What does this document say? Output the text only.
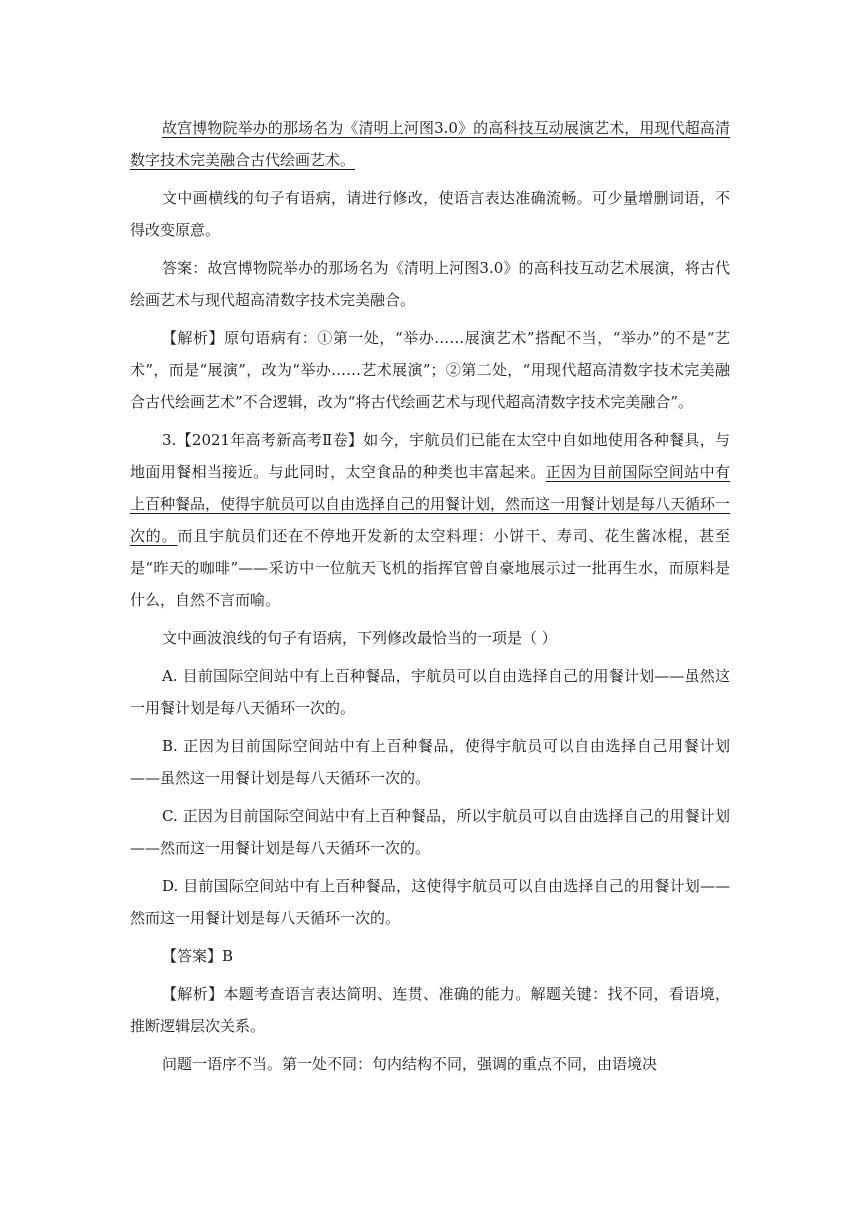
故宫博物院举办的那场名为《清明上河图3.0》的高科技互动展演艺术，用现代超高清数字技术完美融合古代绘画艺术。

文中画横线的句子有语病，请进行修改，使语言表达准确流畅。可少量增删词语，不得改变原意。

答案：故宫博物院举办的那场名为《清明上河图3.0》的高科技互动艺术展演，将古代绘画艺术与现代超高清数字技术完美融合。

【解析】原句语病有：①第一处，“举办……展演艺术”搭配不当，“举办”的不是“艺术”，而是“展演”，改为“举办……艺术展演”；②第二处，“用现代超高清数字技术完美融合古代绘画艺术”不合逻辑，改为“将古代绘画艺术与现代超高清数字技术完美融合”。

3.【2021年高考新高考Ⅱ卷】如今，宇航员们已能在太空中自如地使用各种餐具，与地面用餐相当接近。与此同时，太空食品的种类也丰富起来。正因为目前国际空间站中有上百种餐品，使得宇航员可以自由选择自己的用餐计划，然而这一用餐计划是每八天循环一次的。而且宇航员们还在不停地开发新的太空料理：小饼干、寿司、花生酱冰棍，甚至是“昨天的咖啡”——采访中一位航天飞机的指挥官曾自豪地展示过一批再生水，而原料是什么，自然不言而喻。

文中画波浪线的句子有语病，下列修改最恰当的一项是（ ）

A. 目前国际空间站中有上百种餐品，宇航员可以自由选择自己的用餐计划——虽然这一用餐计划是每八天循环一次的。

B. 正因为目前国际空间站中有上百种餐品，使得宇航员可以自由选择自己用餐计划——虽然这一用餐计划是每八天循环一次的。

C. 正因为目前国际空间站中有上百种餐品，所以宇航员可以自由选择自己的用餐计划——然而这一用餐计划是每八天循环一次的。

D. 目前国际空间站中有上百种餐品，这使得宇航员可以自由选择自己的用餐计划——然而这一用餐计划是每八天循环一次的。

【答案】B

【解析】本题考查语言表达简明、连贯、准确的能力。解题关键：找不同，看语境，推断逻辑层次关系。

问题一语序不当。第一处不同：句内结构不同，强调的重点不同，由语境决
